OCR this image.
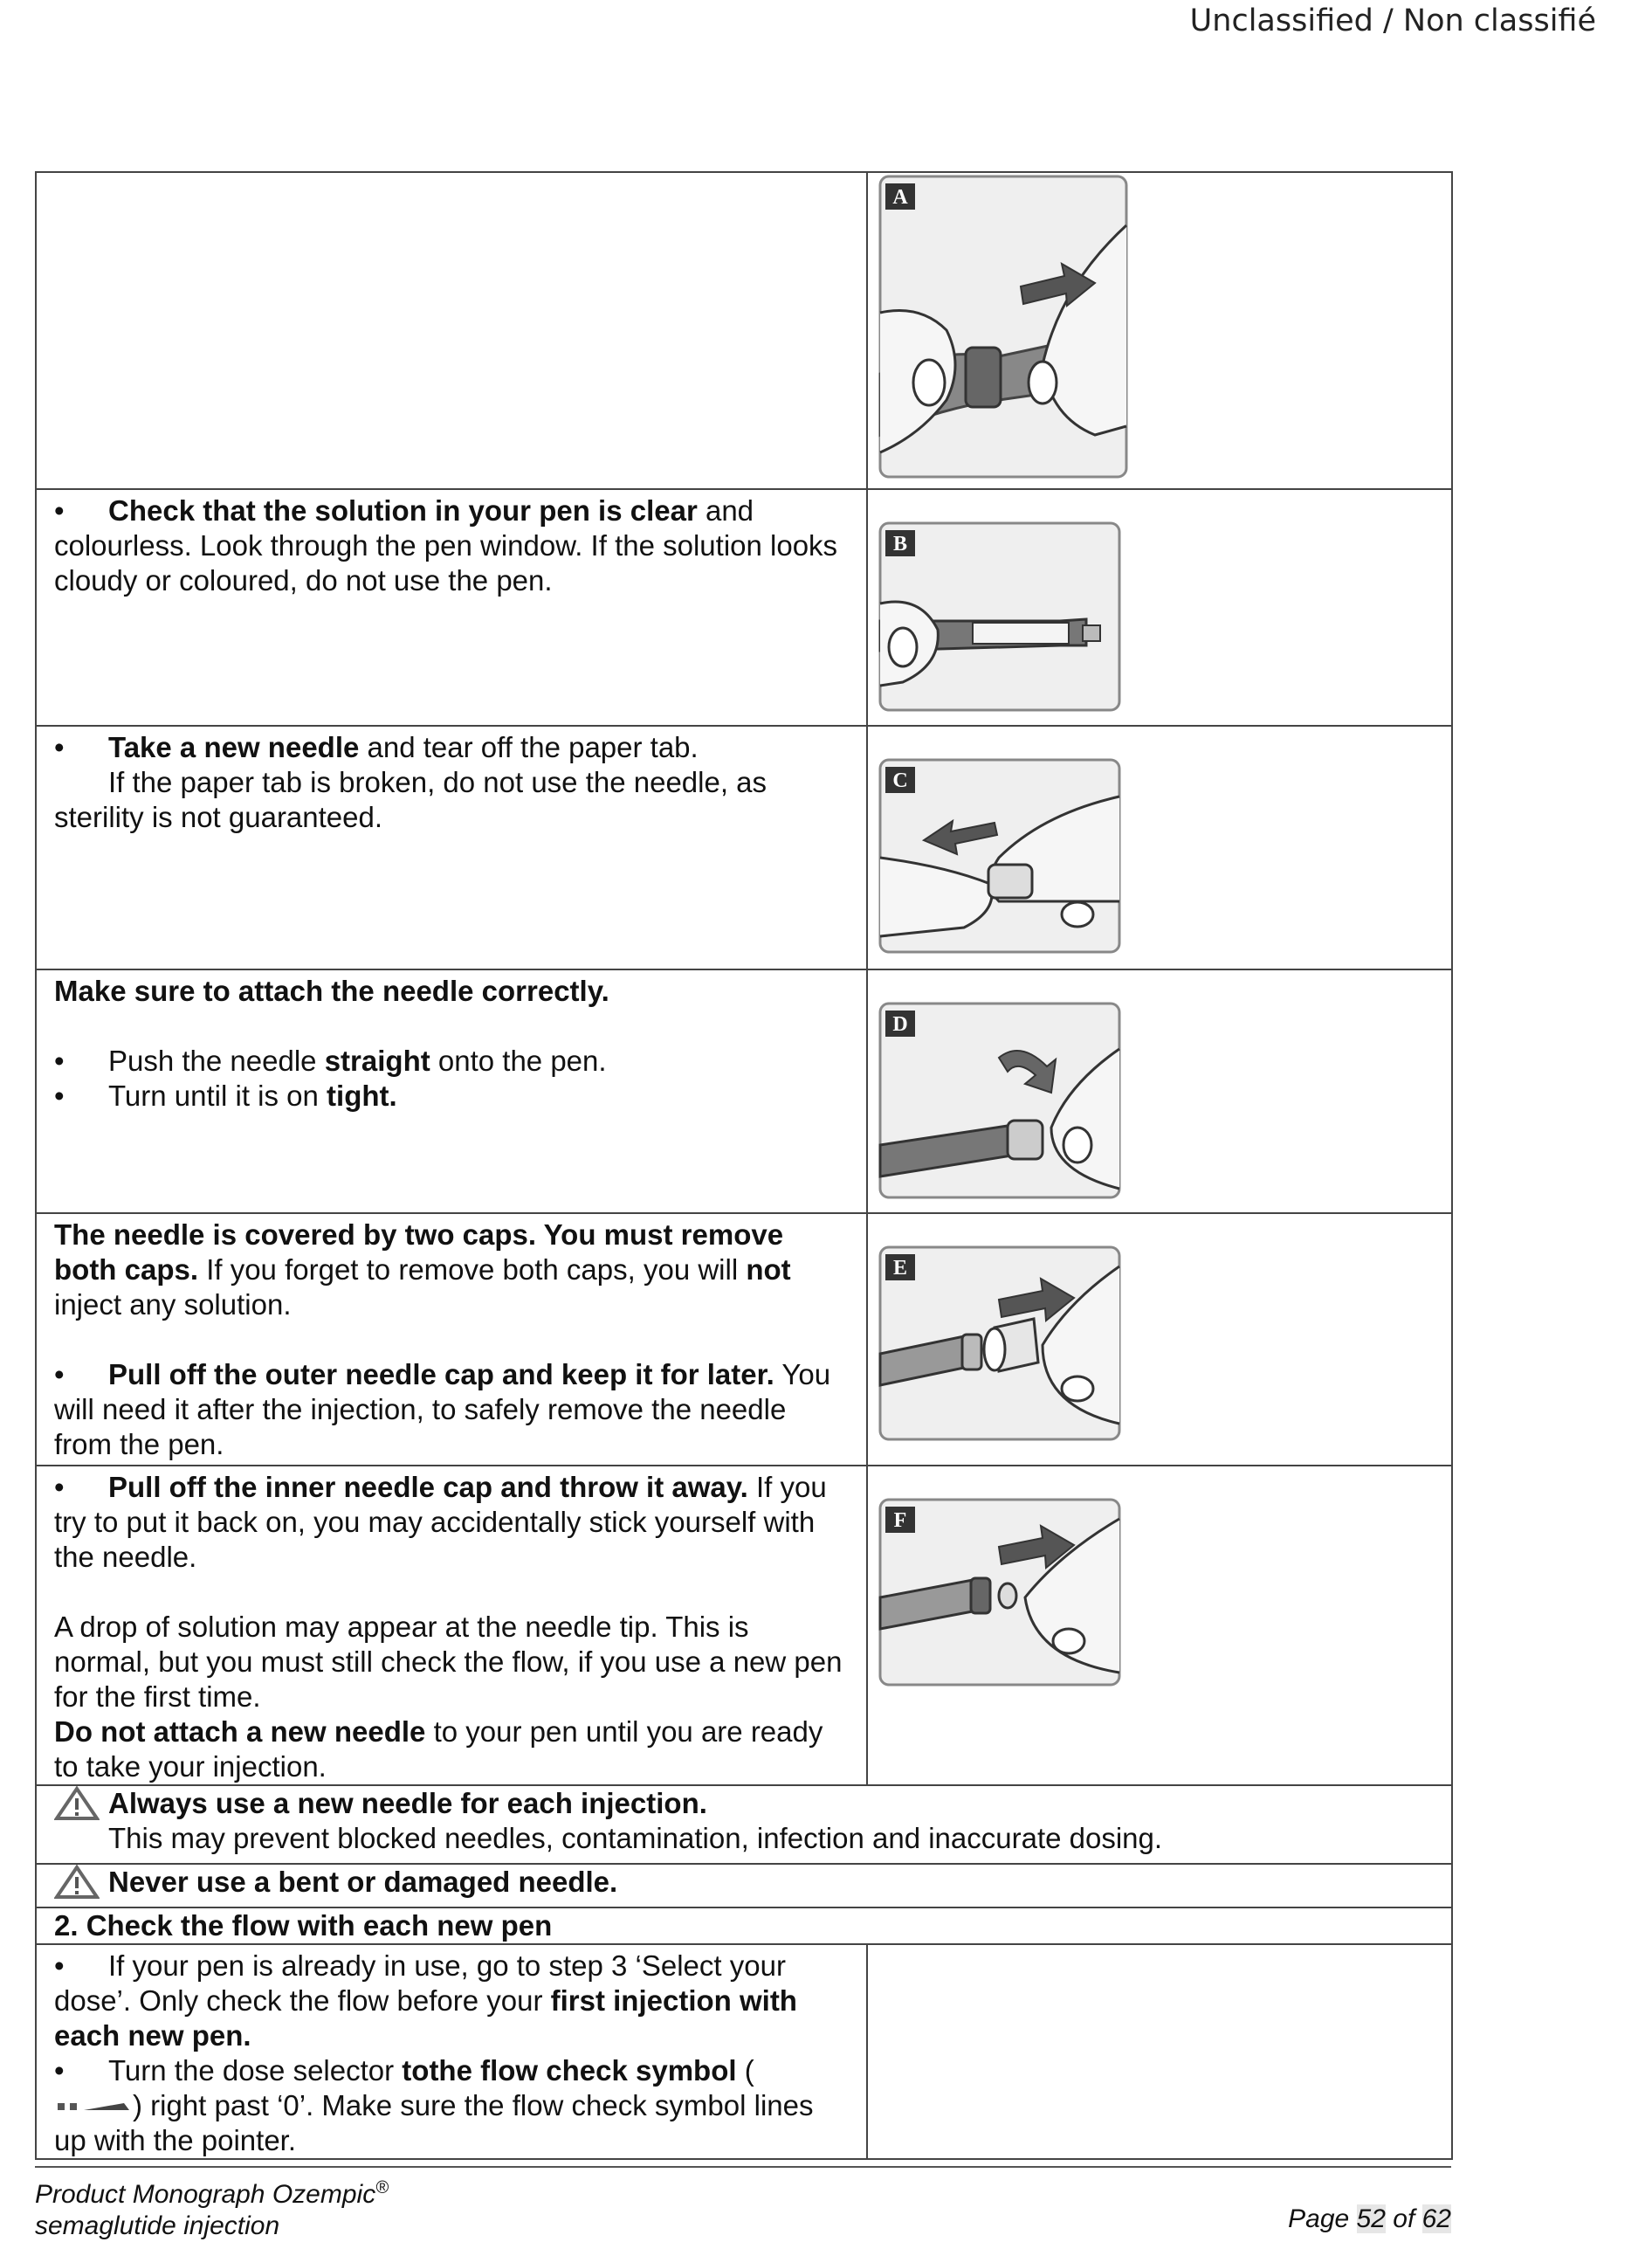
Unclassified / Non classifié

A

• Check that the solution in your pen is clear and colourless. Look through the pen window. If the solution looks cloudy or coloured, do not use the pen.	B

• Take a new needle and tear off the paper tab.
If the paper tab is broken, do not use the needle, as
sterility is not guaranteed.	C

Make sure to attach the needle correctly.
• Push the needle straight onto the pen.
• Turn until it is on tight.	D

The needle is covered by two caps. You must remove both caps. If you forget to remove both caps, you will not inject any solution.
• Pull off the outer needle cap and keep it for later. You will need it after the injection, to safely remove the needle from the pen.	E

• Pull off the inner needle cap and throw it away. If you try to put it back on, you may accidentally stick yourself with the needle.
A drop of solution may appear at the needle tip. This is normal, but you must still check the flow, if you use a new pen for the first time.
Do not attach a new needle to your pen until you are ready to take your injection.	F

Always use a new needle for each injection.
This may prevent blocked needles, contamination, infection and inaccurate dosing.	

Never use a bent or damaged needle.	
2. Check the flow with each new pen	

• If your pen is already in use, go to step 3 ‘Select your dose’. Only check the flow before your first injection with each new pen.
• Turn the dose selector tothe flow check symbol (
) right past ‘0’. Make sure the flow check symbol lines up with the pointer.	

Product Monograph Ozempic®
semaglutide injection	Page 52 of 62
